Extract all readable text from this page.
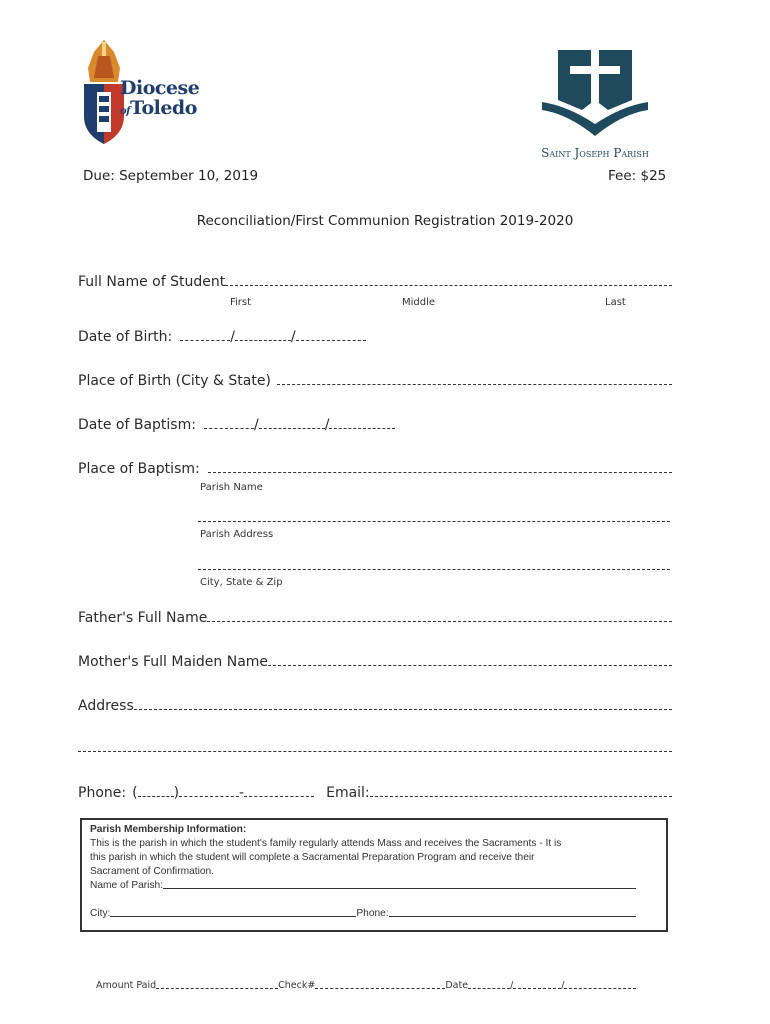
Diocese
ofToledo
Saint Joseph Parish
Due: September 10, 2019	Fee: $25
Reconciliation/First Communion Registration 2019-2020
Full Name of Student
First	Middle	Last
Date of Birth:	/	/
Place of Birth (City & State)
Date of Baptism:	/	/
Place of Baptism:
Parish Name
Parish Address
City, State & Zip
Father's Full Name
Mother's Full Maiden Name
Address
Phone: (	)	-	Email:
Parish Membership Information:
This is the parish in which the student's family regularly attends Mass and receives the Sacraments - It is
this parish in which the student will complete a Sacramental Preparation Program and receive their
Sacrament of Confirmation.
Name of Parish:
City:	Phone:
Amount Paid	Check#	Date	/	/
